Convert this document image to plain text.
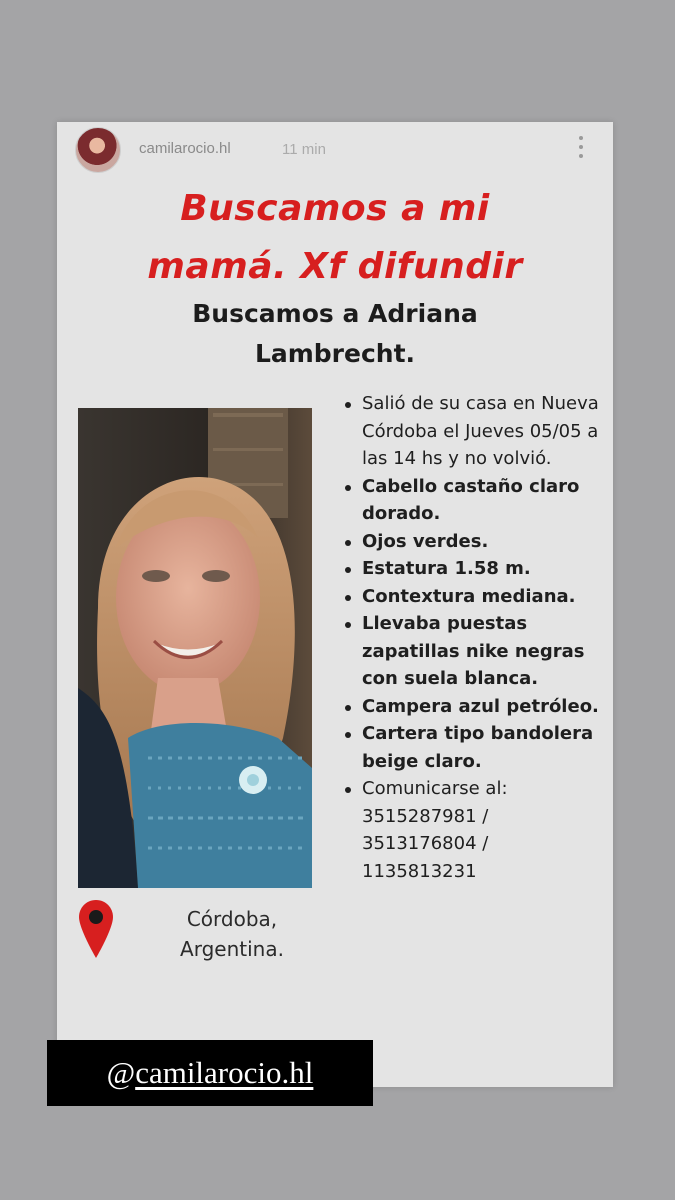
camilarocio.hl	11 min
Buscamos a mi
mamá. Xf difundir
Buscamos a Adriana
Lambrecht.
Salió de su casa en Nueva Córdoba el Jueves 05/05 a las 14 hs y no volvió.
Cabello castaño claro dorado.
Ojos verdes.
Estatura 1.58 m.
Contextura mediana.
Llevaba puestas zapatillas nike negras con suela blanca.
Campera azul petróleo.
Cartera tipo bandolera beige claro.
Comunicarse al: 3515287981 / 3513176804 / 1135813231
Córdoba,
Argentina.
@camilarocio.hl
